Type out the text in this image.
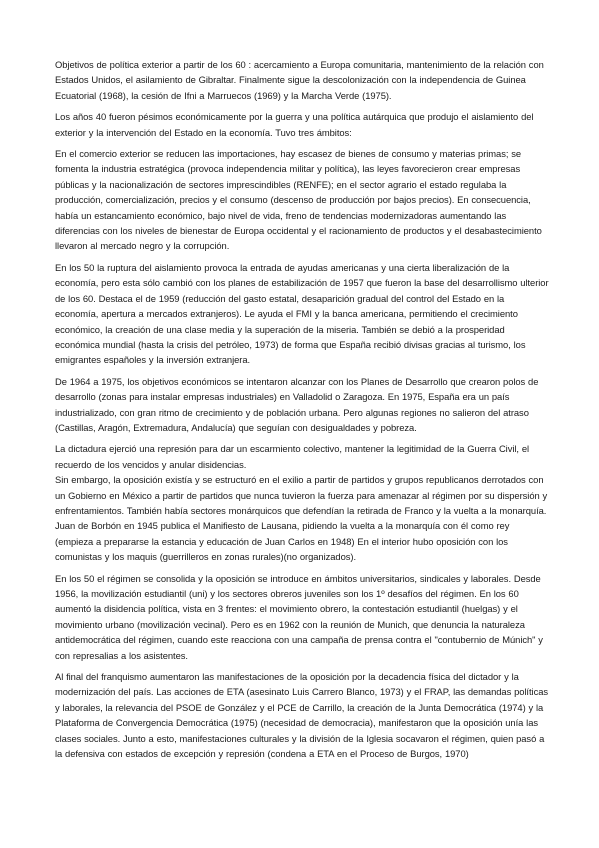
Objetivos de política exterior a partir de los 60 : acercamiento a Europa comunitaria, mantenimiento de la relación con Estados Unidos, el asilamiento de Gibraltar. Finalmente sigue la descolonización con la independencia de Guinea Ecuatorial (1968), la cesión de Ifni a Marruecos (1969) y la Marcha Verde (1975).

Los años 40 fueron pésimos económicamente por la guerra y una política autárquica que produjo el aislamiento del exterior y la intervención del Estado en la economía. Tuvo tres ámbitos:

En el comercio exterior se reducen las importaciones, hay escasez de bienes de consumo y materias primas; se fomenta la industria estratégica (provoca independencia militar y política), las leyes favorecieron crear empresas públicas y la nacionalización de sectores imprescindibles (RENFE); en el sector agrario el estado regulaba la producción, comercialización, precios y el consumo (descenso de producción por bajos precios). En consecuencia, había un estancamiento económico, bajo nivel de vida, freno de tendencias modernizadoras aumentando las diferencias con los niveles de bienestar de Europa occidental y el racionamiento de productos y el desabastecimiento llevaron al mercado negro y la corrupción.

En los 50 la ruptura del aislamiento provoca la entrada de ayudas americanas y una cierta liberalización de la economía, pero esta sólo cambió con los planes de estabilización de 1957 que fueron la base del desarrollismo ulterior de los 60. Destaca el de 1959 (reducción del gasto estatal, desaparición gradual del control del Estado en la economía, apertura a mercados extranjeros). Le ayuda el FMI y la banca americana, permitiendo el crecimiento económico, la creación de una clase media y la superación de la miseria. También se debió a la prosperidad económica mundial (hasta la crisis del petróleo, 1973) de forma que España recibió divisas gracias al turismo, los emigrantes españoles y la inversión extranjera.

De 1964 a 1975, los objetivos económicos se intentaron alcanzar con los Planes de Desarrollo que crearon polos de desarrollo (zonas para instalar empresas industriales) en Valladolid o Zaragoza. En 1975, España era un país industrializado, con gran ritmo de crecimiento y de población urbana. Pero algunas regiones no salieron del atraso (Castillas, Aragón, Extremadura, Andalucía) que seguían con desigualdades y pobreza.

La dictadura ejerció una represión para dar un escarmiento colectivo, mantener la legitimidad de la Guerra Civil, el recuerdo de los vencidos y anular disidencias.

Sin embargo, la oposición existía y se estructuró en el exilio a partir de partidos y grupos republicanos derrotados con un Gobierno en México a partir de partidos que nunca tuvieron la fuerza para amenazar al régimen por su dispersión y enfrentamientos. También había sectores monárquicos que defendían la retirada de Franco y la vuelta a la monarquía. Juan de Borbón en 1945 publica el Manifiesto de Lausana, pidiendo la vuelta a la monarquía con él como rey (empieza a prepararse la estancia y educación de Juan Carlos en 1948) En el interior hubo oposición con los comunistas y los maquis (guerrilleros en zonas rurales)(no organizados).

En los 50 el régimen se consolida y la oposición se introduce en ámbitos universitarios, sindicales y laborales. Desde 1956, la movilización estudiantil (uni) y los sectores obreros juveniles son los 1º desafíos del régimen. En los 60 aumentó la disidencia política, vista en 3 frentes: el movimiento obrero, la contestación estudiantil (huelgas) y el movimiento urbano (movilización vecinal). Pero es en 1962 con la reunión de Munich, que denuncia la naturaleza antidemocrática del régimen, cuando este reacciona con una campaña de prensa contra el "contubernio de Múnich" y con represalias a los asistentes.

Al final del franquismo aumentaron las manifestaciones de la oposición por la decadencia física del dictador y la modernización del país. Las acciones de ETA (asesinato Luis Carrero Blanco, 1973) y el FRAP, las demandas políticas y laborales, la relevancia del PSOE de González y el PCE de Carrillo, la creación de la Junta Democrática (1974) y la Plataforma de Convergencia Democrática (1975) (necesidad de democracia), manifestaron que la oposición unía las clases sociales. Junto a esto, manifestaciones culturales y la división de la Iglesia socavaron el régimen, quien pasó a la defensiva con estados de excepción y represión (condena a ETA en el Proceso de Burgos, 1970)
